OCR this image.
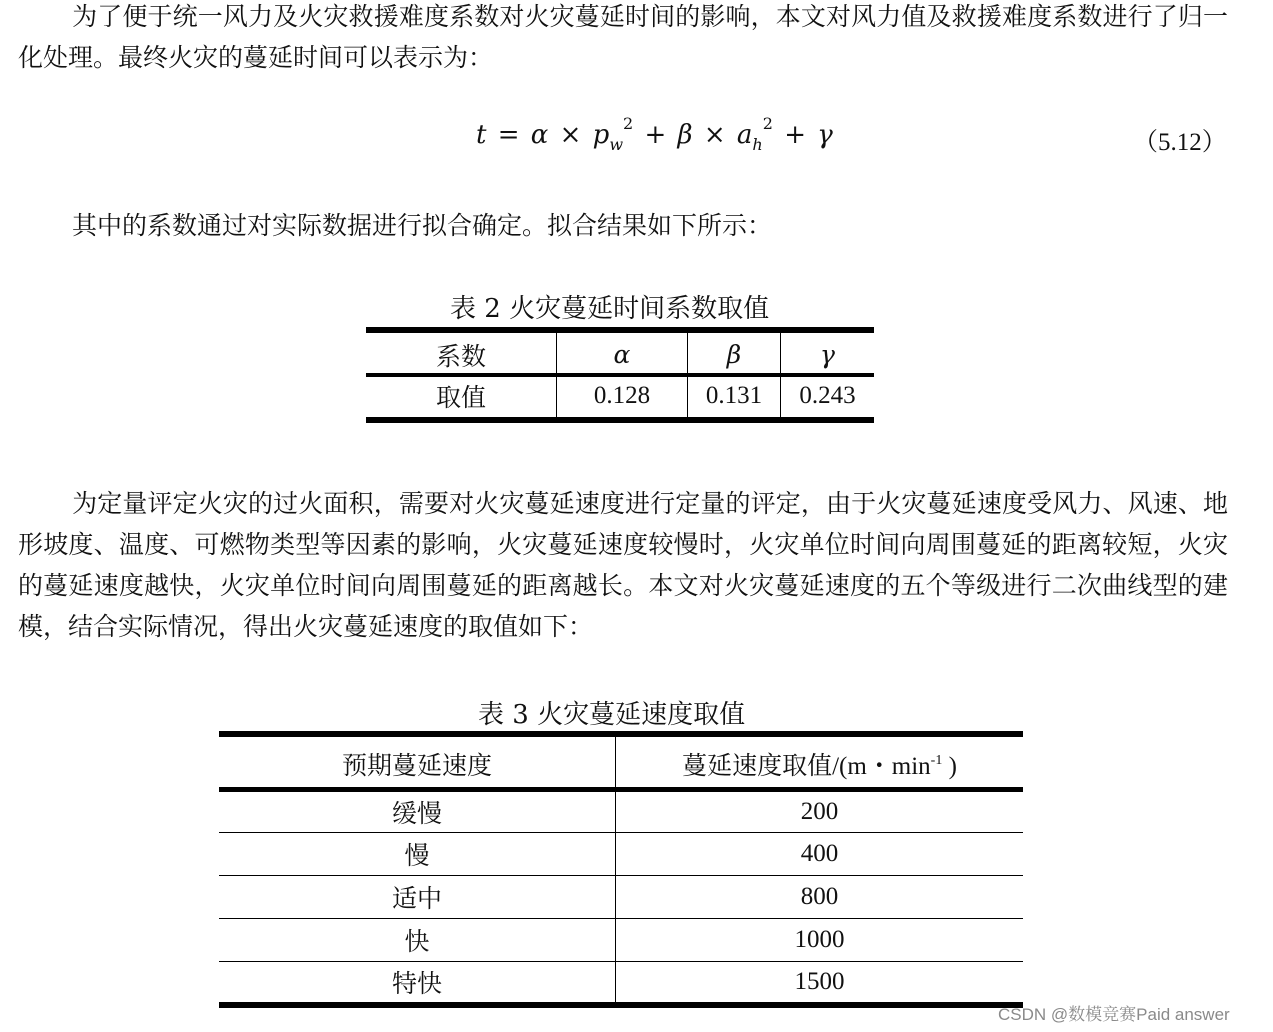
为了便于统一风力及火灾救援难度系数对火灾蔓延时间的影响，本文对风力值及救援难度系数进行了归一化处理。最终火灾的蔓延时间可以表示为：

$t = \alpha \times p_w^2 + \beta \times a_h^2 + \gamma$	（5.12）

其中的系数通过对实际数据进行拟合确定。拟合结果如下所示：

表 2 火灾蔓延时间系数取值
系数	α	β	γ
取值	0.128	0.131	0.243

为定量评定火灾的过火面积，需要对火灾蔓延速度进行定量的评定，由于火灾蔓延速度受风力、风速、地形坡度、温度、可燃物类型等因素的影响，火灾蔓延速度较慢时，火灾单位时间向周围蔓延的距离较短，火灾的蔓延速度越快，火灾单位时间向周围蔓延的距离越长。本文对火灾蔓延速度的五个等级进行二次曲线型的建模，结合实际情况，得出火灾蔓延速度的取值如下：

表 3 火灾蔓延速度取值
预期蔓延速度	蔓延速度取值/(m・$\min^{-1}$ )
缓慢	200
慢	400
适中	800
快	1000
特快	1500
CSDN @数模竞赛Paid answer
